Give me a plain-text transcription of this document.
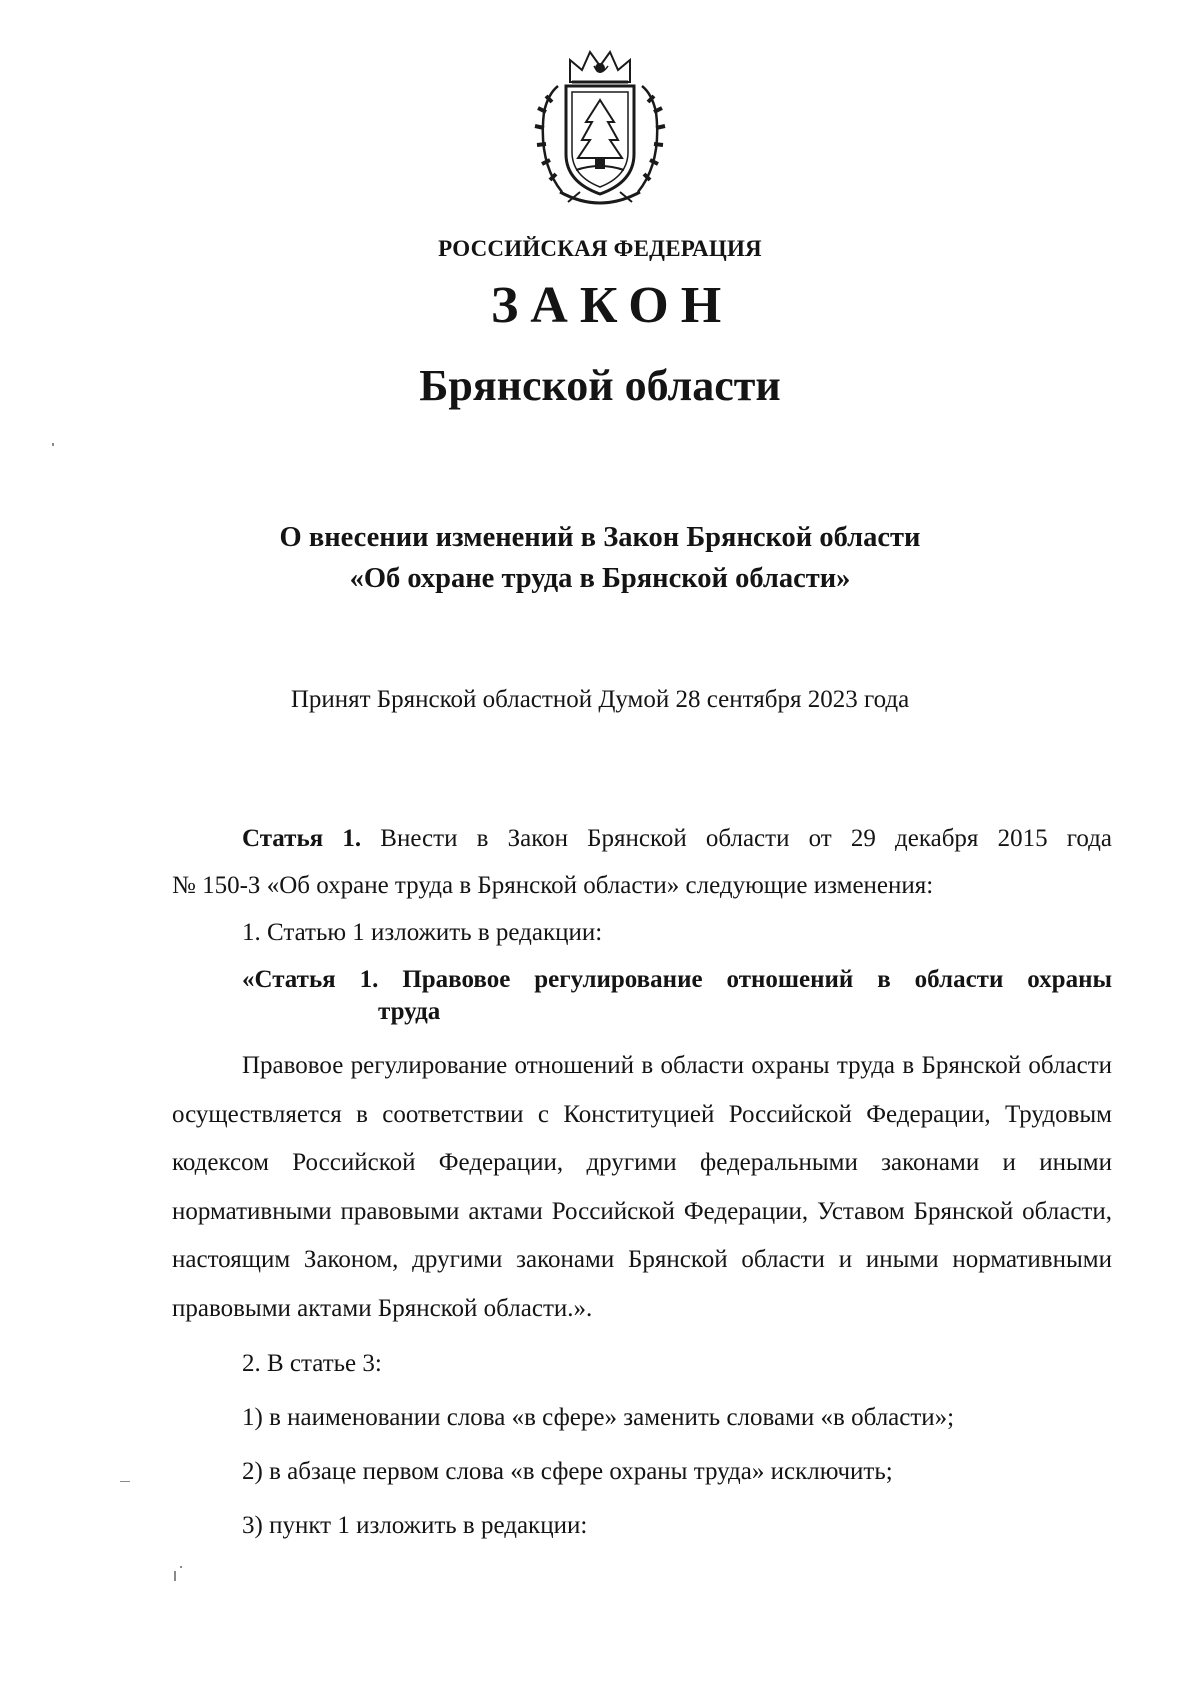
РОССИЙСКАЯ ФЕДЕРАЦИЯ
ЗАКОН
Брянской области
О внесении изменений в Закон Брянской области
«Об охране труда в Брянской области»
Принят Брянской областной Думой 28 сентября 2023 года

Статья 1. Внести в Закон Брянской области от 29 декабря 2015 года

№ 150-З «Об охране труда в Брянской области» следующие изменения:

1. Статью 1 изложить в редакции:

«Статья 1. Правовое регулирование отношений в области охраны
труда

Правовое регулирование отношений в области охраны труда в Брянской области осуществляется в соответствии с Конституцией Российской Федерации, Трудовым кодексом Российской Федерации, другими федеральными законами и иными нормативными правовыми актами Российской Федерации, Уставом Брянской области, настоящим Законом, другими законами Брянской области и иными нормативными правовыми актами Брянской области.».

2. В статье 3:

1) в наименовании слова «в сфере» заменить словами «в области»;

2) в абзаце первом слова «в сфере охраны труда» исключить;

3) пункт 1 изложить в редакции:
